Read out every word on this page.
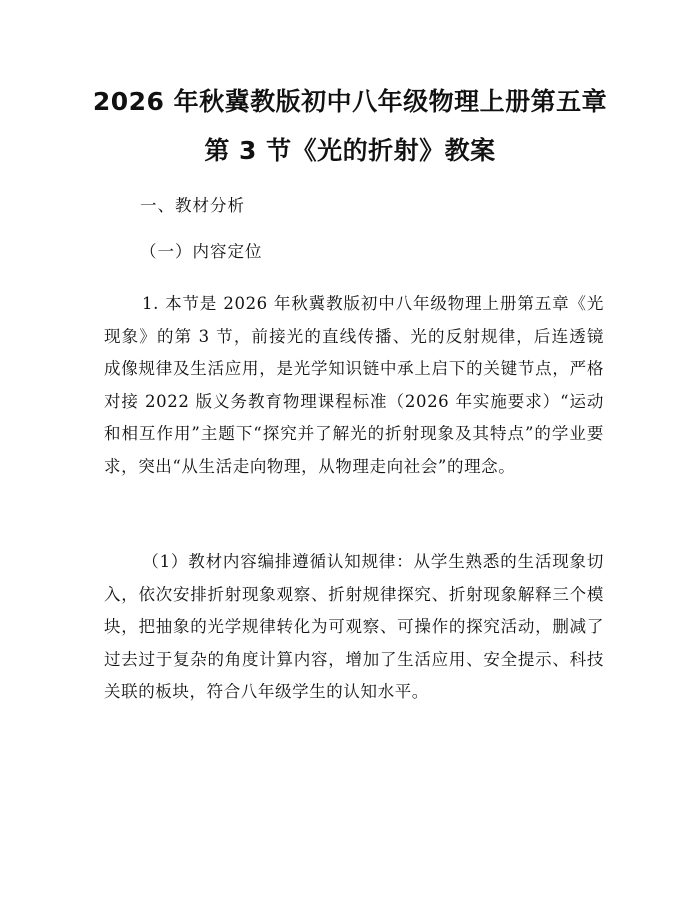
2026 年秋冀教版初中八年级物理上册第五章
第 3 节《光的折射》教案
一、教材分析
（一）内容定位

1. 本节是 2026 年秋冀教版初中八年级物理上册第五章《光现象》的第 3 节，前接光的直线传播、光的反射规律，后连透镜成像规律及生活应用，是光学知识链中承上启下的关键节点，严格对接 2022 版义务教育物理课程标准（2026 年实施要求）“运动和相互作用”主题下“探究并了解光的折射现象及其特点”的学业要求，突出“从生活走向物理，从物理走向社会”的理念。

（1）教材内容编排遵循认知规律：从学生熟悉的生活现象切入，依次安排折射现象观察、折射规律探究、折射现象解释三个模块，把抽象的光学规律转化为可观察、可操作的探究活动，删减了过去过于复杂的角度计算内容，增加了生活应用、安全提示、科技关联的板块，符合八年级学生的认知水平。
